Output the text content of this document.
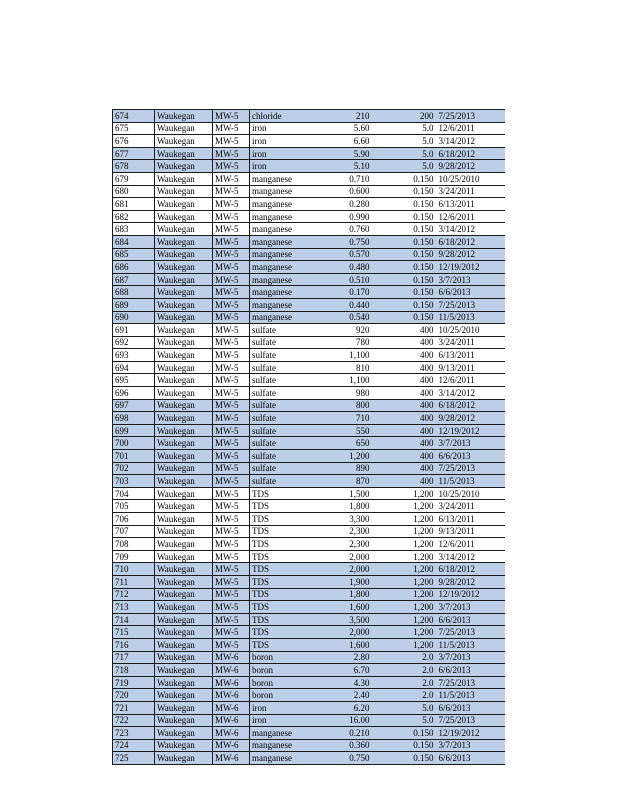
674	Waukegan	MW-5	chloride	210	200	7/25/2013
675	Waukegan	MW-5	iron	5.60	5.0	12/6/2011
676	Waukegan	MW-5	iron	6.60	5.0	3/14/2012
677	Waukegan	MW-5	iron	5.90	5.0	6/18/2012
678	Waukegan	MW-5	iron	5.10	5.0	9/28/2012
679	Waukegan	MW-5	manganese	0.710	0.150	10/25/2010
680	Waukegan	MW-5	manganese	0.600	0.150	3/24/2011
681	Waukegan	MW-5	manganese	0.280	0.150	6/13/2011
682	Waukegan	MW-5	manganese	0.990	0.150	12/6/2011
683	Waukegan	MW-5	manganese	0.760	0.150	3/14/2012
684	Waukegan	MW-5	manganese	0.750	0.150	6/18/2012
685	Waukegan	MW-5	manganese	0.570	0.150	9/28/2012
686	Waukegan	MW-5	manganese	0.480	0.150	12/19/2012
687	Waukegan	MW-5	manganese	0.510	0.150	3/7/2013
688	Waukegan	MW-5	manganese	0.170	0.150	6/6/2013
689	Waukegan	MW-5	manganese	0.440	0.150	7/25/2013
690	Waukegan	MW-5	manganese	0.540	0.150	11/5/2013
691	Waukegan	MW-5	sulfate	920	400	10/25/2010
692	Waukegan	MW-5	sulfate	780	400	3/24/2011
693	Waukegan	MW-5	sulfate	1,100	400	6/13/2011
694	Waukegan	MW-5	sulfate	810	400	9/13/2011
695	Waukegan	MW-5	sulfate	1,100	400	12/6/2011
696	Waukegan	MW-5	sulfate	980	400	3/14/2012
697	Waukegan	MW-5	sulfate	800	400	6/18/2012
698	Waukegan	MW-5	sulfate	710	400	9/28/2012
699	Waukegan	MW-5	sulfate	550	400	12/19/2012
700	Waukegan	MW-5	sulfate	650	400	3/7/2013
701	Waukegan	MW-5	sulfate	1,200	400	6/6/2013
702	Waukegan	MW-5	sulfate	890	400	7/25/2013
703	Waukegan	MW-5	sulfate	870	400	11/5/2013
704	Waukegan	MW-5	TDS	1,500	1,200	10/25/2010
705	Waukegan	MW-5	TDS	1,800	1,200	3/24/2011
706	Waukegan	MW-5	TDS	3,300	1,200	6/13/2011
707	Waukegan	MW-5	TDS	2,300	1,200	9/13/2011
708	Waukegan	MW-5	TDS	2,300	1,200	12/6/2011
709	Waukegan	MW-5	TDS	2,000	1,200	3/14/2012
710	Waukegan	MW-5	TDS	2,000	1,200	6/18/2012
711	Waukegan	MW-5	TDS	1,900	1,200	9/28/2012
712	Waukegan	MW-5	TDS	1,800	1,200	12/19/2012
713	Waukegan	MW-5	TDS	1,600	1,200	3/7/2013
714	Waukegan	MW-5	TDS	3,500	1,200	6/6/2013
715	Waukegan	MW-5	TDS	2,000	1,200	7/25/2013
716	Waukegan	MW-5	TDS	1,600	1,200	11/5/2013
717	Waukegan	MW-6	boron	2.80	2.0	3/7/2013
718	Waukegan	MW-6	boron	6.70	2.0	6/6/2013
719	Waukegan	MW-6	boron	4.30	2.0	7/25/2013
720	Waukegan	MW-6	boron	2.40	2.0	11/5/2013
721	Waukegan	MW-6	iron	6.20	5.0	6/6/2013
722	Waukegan	MW-6	iron	16.00	5.0	7/25/2013
723	Waukegan	MW-6	manganese	0.210	0.150	12/19/2012
724	Waukegan	MW-6	manganese	0.360	0.150	3/7/2013
725	Waukegan	MW-6	manganese	0.750	0.150	6/6/2013
